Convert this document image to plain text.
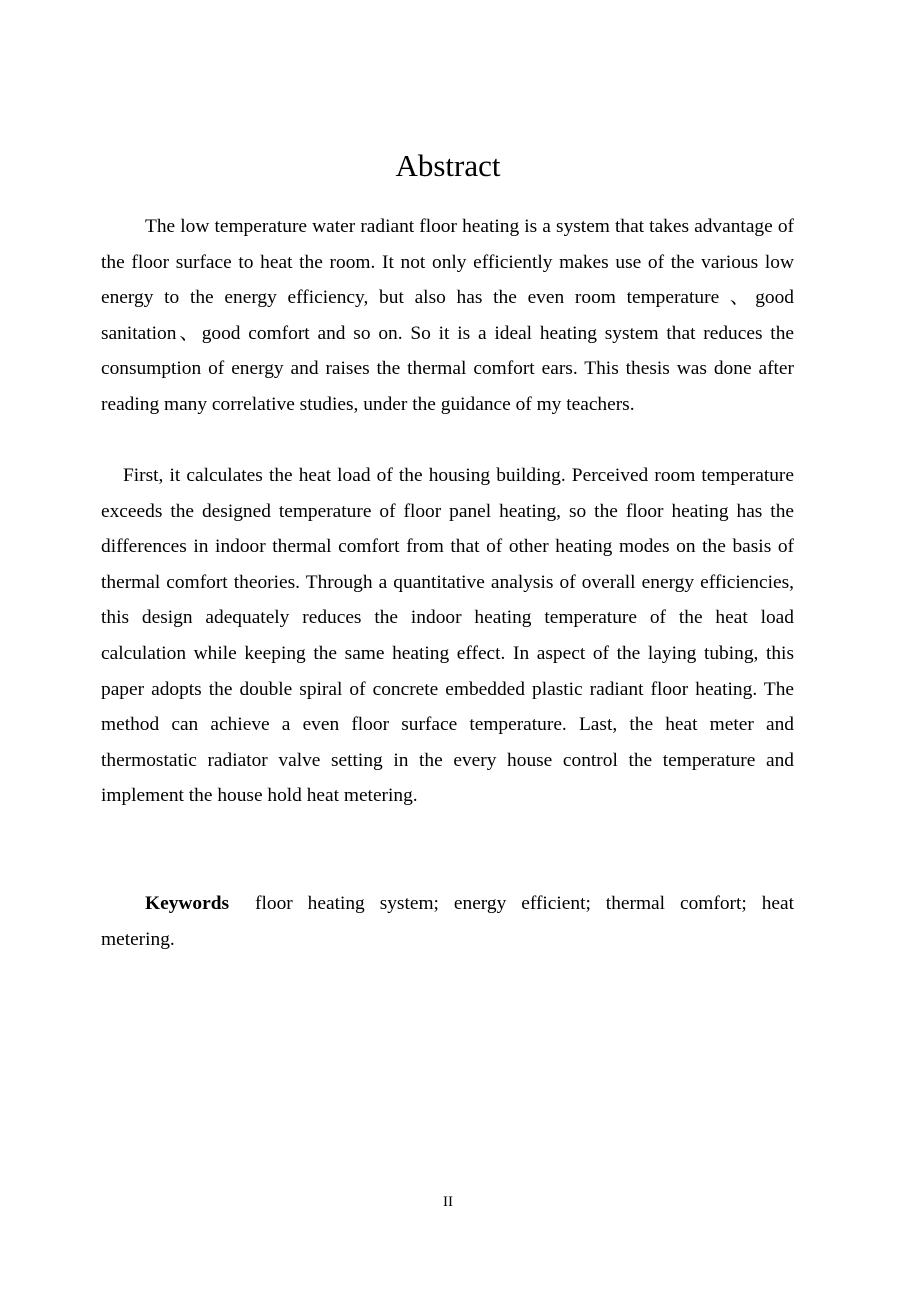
Abstract

The low temperature water radiant floor heating is a system that takes advantage of the floor surface to heat the room. It not only efficiently makes use of the various low energy to the energy efficiency, but also has the even room temperature 、good sanitation、good comfort and so on. So it is a ideal heating system that reduces the consumption of energy and raises the thermal comfort ears. This thesis was done after reading many correlative studies, under the guidance of my teachers.

First, it calculates the heat load of the housing building. Perceived room temperature exceeds the designed temperature of floor panel heating, so the floor heating has the differences in indoor thermal comfort from that of other heating modes on the basis of thermal comfort theories. Through a quantitative analysis of overall energy efficiencies, this design adequately reduces the indoor heating temperature of the heat load calculation while keeping the same heating effect. In aspect of the laying tubing, this paper adopts the double spiral of concrete embedded plastic radiant floor heating. The method can achieve a even floor surface temperature. Last, the heat meter and thermostatic radiator valve setting in the every house control the temperature and implement the house hold heat metering.

Keywords floor heating system; energy efficient; thermal comfort; heat metering.

II
